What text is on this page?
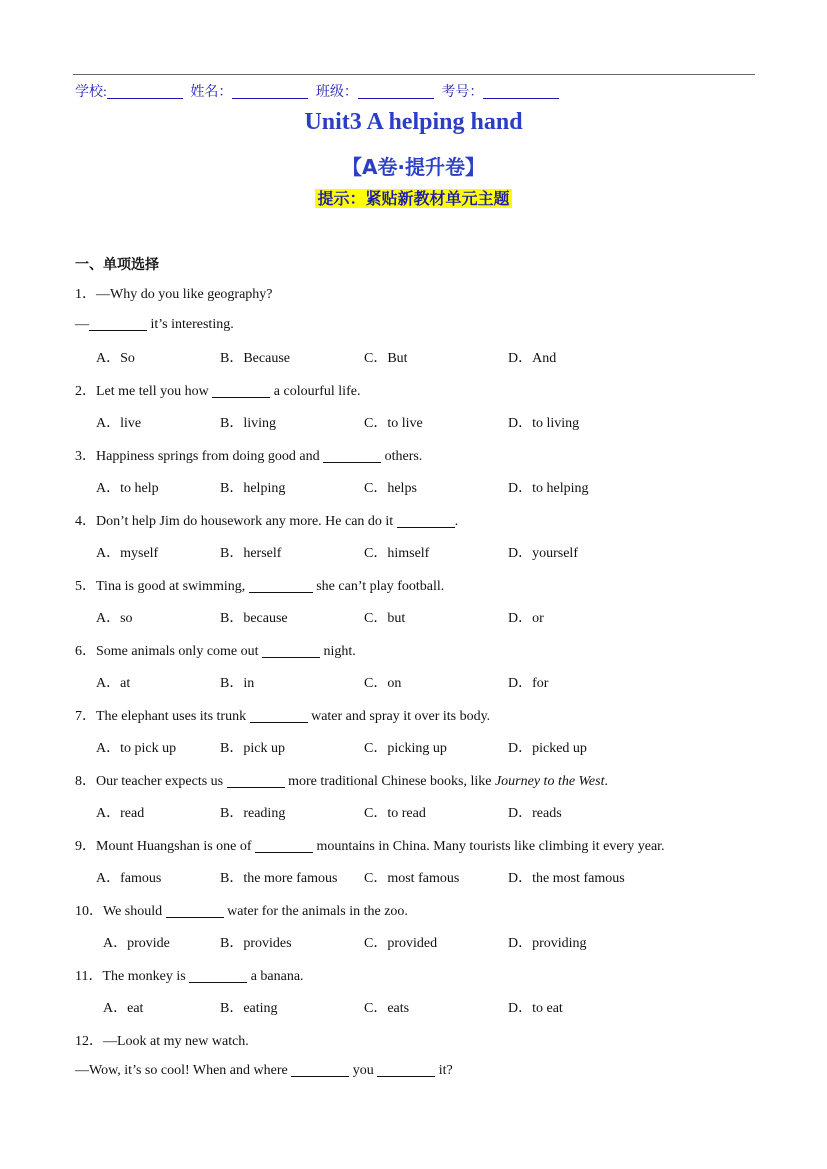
学校:	姓名：	班级：	考号：
Unit3 A helping hand
【A卷·提升卷】
提示：紧贴新教材单元主题
一、单项选择
1．—Why do you like geography?
—	it’s interesting.
A．So	B．Because	C．But	D．And
2．Let me tell you how	a colourful life.
A．live	B．living	C．to live	D．to living
3．Happiness springs from doing good and	others.
A．to help	B．helping	C．helps	D．to helping
4．Don’t help Jim do housework any more. He can do it	.
A．myself	B．herself	C．himself	D．yourself
5．Tina is good at swimming,	she can’t play football.
A．so	B．because	C．but	D．or
6．Some animals only come out	night.
A．at	B．in	C．on	D．for
7．The elephant uses its trunk	water and spray it over its body.
A．to pick up	B．pick up	C．picking up	D．picked up
8．Our teacher expects us	more traditional Chinese books, like Journey to the West.
A．read	B．reading	C．to read	D．reads
9．Mount Huangshan is one of	mountains in China. Many tourists like climbing it every year.
A．famous	B．the more famous C．most famous	D．the most famous
10．We should	water for the animals in the zoo.
A．provide	B．provides	C．provided	D．providing
11．The monkey is	a banana.
A．eat	B．eating	C．eats	D．to eat
12．—Look at my new watch.
—Wow, it’s so cool! When and where	you	it?
